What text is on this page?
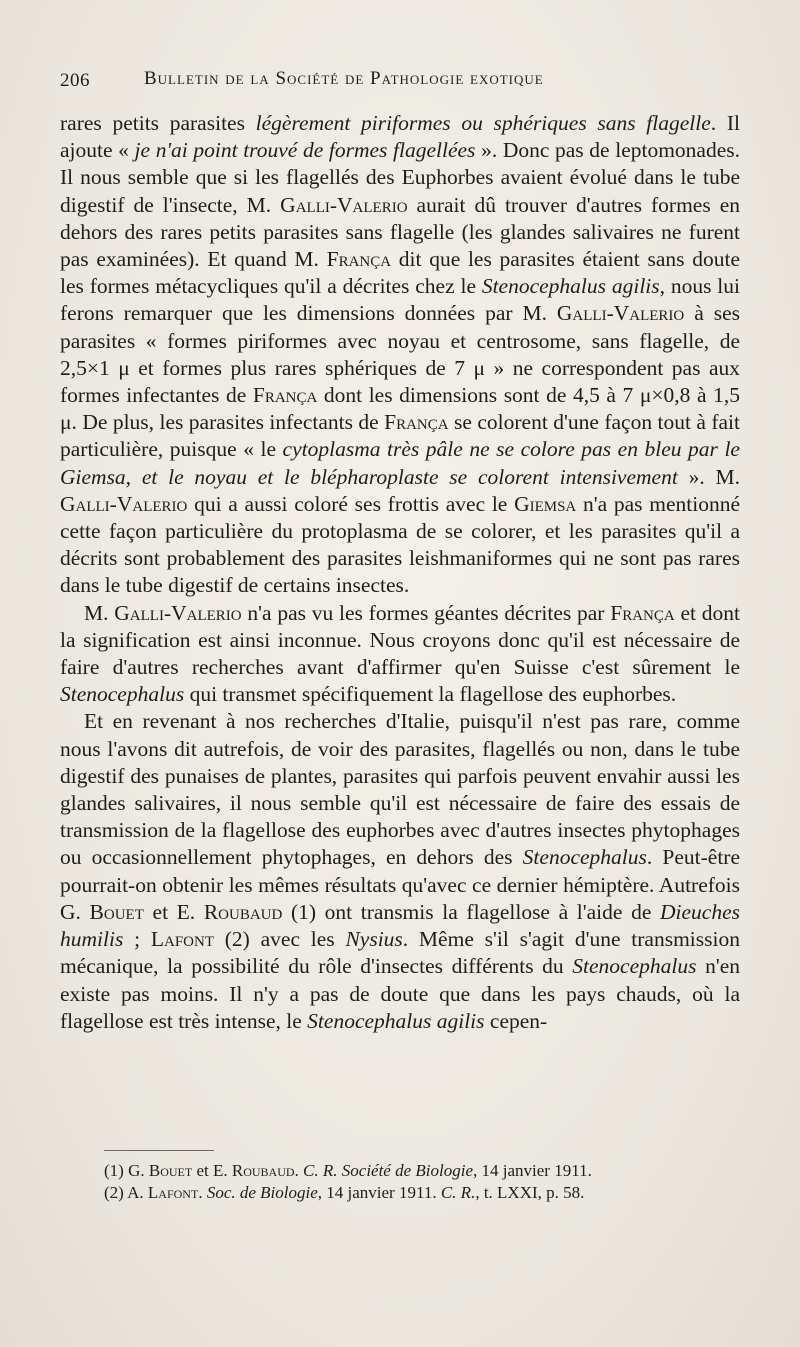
206	Bulletin de la Société de Pathologie exotique

rares petits parasites légèrement piriformes ou sphériques sans flagelle. Il ajoute « je n'ai point trouvé de formes flagellées ». Donc pas de leptomonades. Il nous semble que si les flagellés des Euphorbes avaient évolué dans le tube digestif de l'insecte, M. Galli-Valerio aurait dû trouver d'autres formes en dehors des rares petits parasites sans flagelle (les glandes salivaires ne furent pas examinées). Et quand M. França dit que les parasites étaient sans doute les formes métacycliques qu'il a décrites chez le Stenocephalus agilis, nous lui ferons remarquer que les dimensions données par M. Galli-Valerio à ses parasites « formes piriformes avec noyau et centrosome, sans flagelle, de 2,5×1 μ et formes plus rares sphériques de 7 μ » ne correspondent pas aux formes infectantes de França dont les dimensions sont de 4,5 à 7 μ×0,8 à 1,5 μ. De plus, les parasites infectants de França se colorent d'une façon tout à fait particulière, puisque « le cytoplasma très pâle ne se colore pas en bleu par le Giemsa, et le noyau et le blépharoplaste se colorent intensivement ». M. Galli-Valerio qui a aussi coloré ses frottis avec le Giemsa n'a pas mentionné cette façon particulière du protoplasma de se colorer, et les parasites qu'il a décrits sont probablement des parasites leishmaniformes qui ne sont pas rares dans le tube digestif de certains insectes.

M. Galli-Valerio n'a pas vu les formes géantes décrites par França et dont la signification est ainsi inconnue. Nous croyons donc qu'il est nécessaire de faire d'autres recherches avant d'affirmer qu'en Suisse c'est sûrement le Stenocephalus qui transmet spécifiquement la flagellose des euphorbes.

Et en revenant à nos recherches d'Italie, puisqu'il n'est pas rare, comme nous l'avons dit autrefois, de voir des parasites, flagellés ou non, dans le tube digestif des punaises de plantes, parasites qui parfois peuvent envahir aussi les glandes salivaires, il nous semble qu'il est nécessaire de faire des essais de transmission de la flagellose des euphorbes avec d'autres insectes phytophages ou occasionnellement phytophages, en dehors des Stenocephalus. Peut-être pourrait-on obtenir les mêmes résultats qu'avec ce dernier hémiptère. Autrefois G. Bouet et E. Roubaud (1) ont transmis la flagellose à l'aide de Dieuches humilis ; Lafont (2) avec les Nysius. Même s'il s'agit d'une transmission mécanique, la possibilité du rôle d'insectes différents du Stenocephalus n'en existe pas moins. Il n'y a pas de doute que dans les pays chauds, où la flagellose est très intense, le Stenocephalus agilis cepen-

(1) G. Bouet et E. Roubaud. C. R. Société de Biologie, 14 janvier 1911.
(2) A. Lafont. Soc. de Biologie, 14 janvier 1911. C. R., t. LXXI, p. 58.
